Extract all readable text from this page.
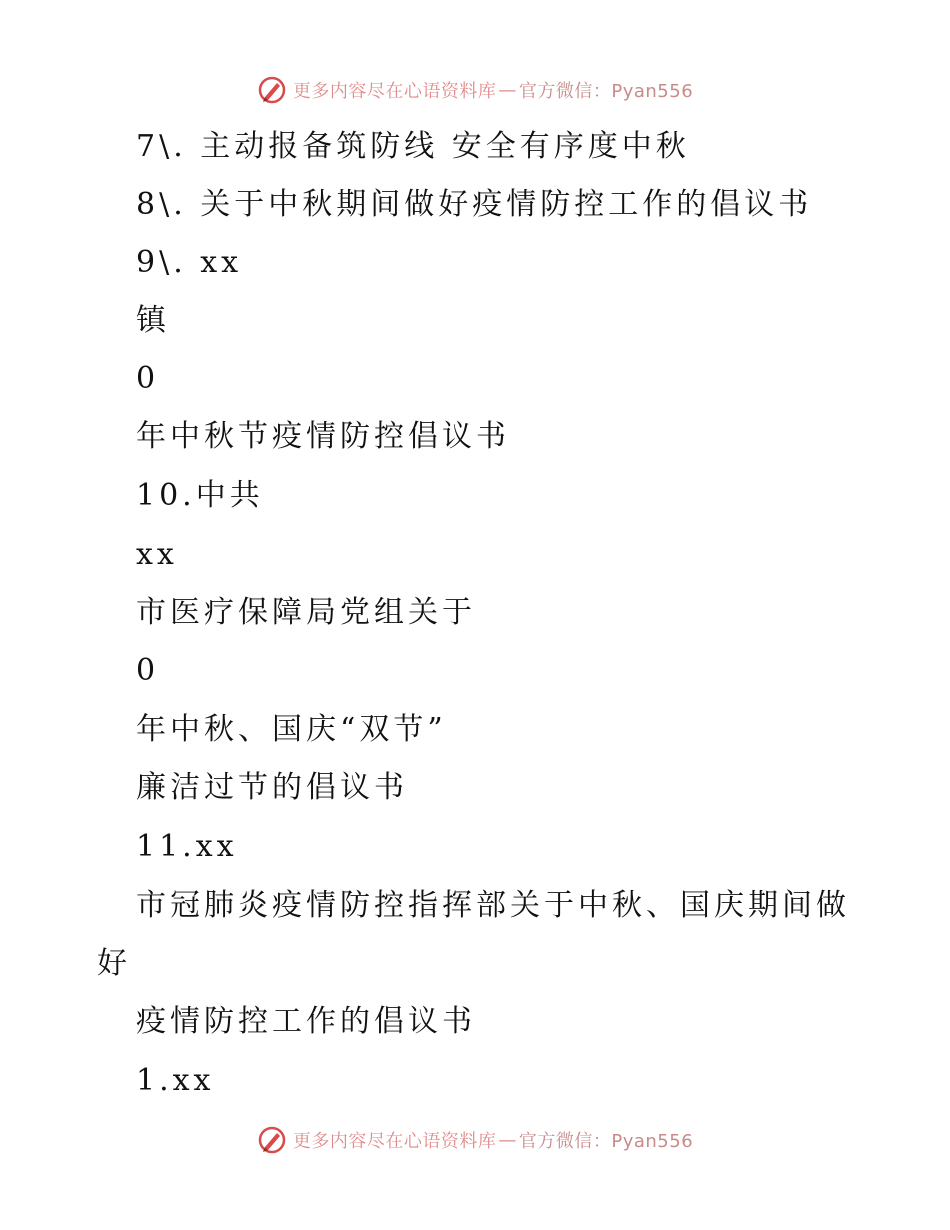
更多内容尽在心语资料库 — 官方微信：Pyan556
7\. 主动报备筑防线 安全有序度中秋
8\. 关于中秋期间做好疫情防控工作的倡议书
9\. xx
镇
0
年中秋节疫情防控倡议书
10.中共
xx
市医疗保障局党组关于
0
年中秋、国庆“双节”
廉洁过节的倡议书
11.xx
市冠肺炎疫情防控指挥部关于中秋、国庆期间做
好
疫情防控工作的倡议书
1.xx
更多内容尽在心语资料库 — 官方微信：Pyan556
